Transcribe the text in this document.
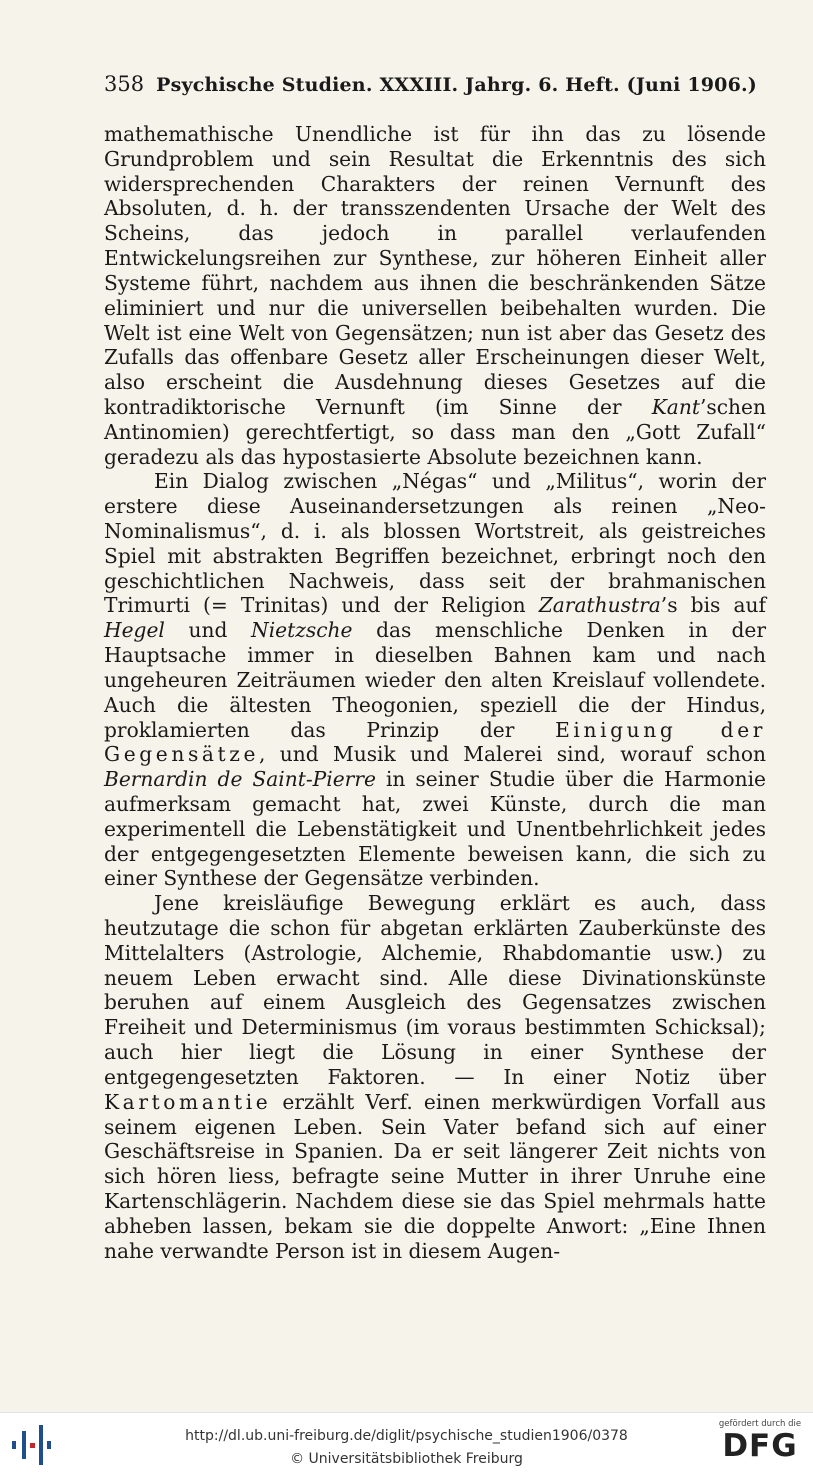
358 Psychische Studien. XXXIII. Jahrg. 6. Heft. (Juni 1906.)

mathemathische Unendliche ist für ihn das zu lösende Grundproblem und sein Resultat die Erkenntnis des sich widersprechenden Charakters der reinen Vernunft des Absoluten, d. h. der transszendenten Ursache der Welt des Scheins, das jedoch in parallel verlaufenden Entwickelungsreihen zur Synthese, zur höheren Einheit aller Systeme führt, nachdem aus ihnen die beschränkenden Sätze eliminiert und nur die universellen beibehalten wurden. Die Welt ist eine Welt von Gegensätzen; nun ist aber das Gesetz des Zufalls das offenbare Gesetz aller Erscheinungen dieser Welt, also erscheint die Ausdehnung dieses Gesetzes auf die kontradiktorische Vernunft (im Sinne der Kant’schen Antinomien) gerechtfertigt, so dass man den „Gott Zufall“ geradezu als das hypostasierte Absolute bezeichnen kann.

Ein Dialog zwischen „Négas“ und „Militus“, worin der erstere diese Auseinandersetzungen als reinen „Neo-Nominalismus“, d. i. als blossen Wortstreit, als geistreiches Spiel mit abstrakten Begriffen bezeichnet, erbringt noch den geschichtlichen Nachweis, dass seit der brahmanischen Trimurti (= Trinitas) und der Religion Zarathustra’s bis auf Hegel und Nietzsche das menschliche Denken in der Hauptsache immer in dieselben Bahnen kam und nach ungeheuren Zeiträumen wieder den alten Kreislauf vollendete. Auch die ältesten Theogonien, speziell die der Hindus, proklamierten das Prinzip der Einigung der Gegensätze, und Musik und Malerei sind, worauf schon Bernardin de Saint-Pierre in seiner Studie über die Harmonie aufmerksam gemacht hat, zwei Künste, durch die man experimentell die Lebenstätigkeit und Unentbehrlichkeit jedes der entgegengesetzten Elemente beweisen kann, die sich zu einer Synthese der Gegensätze verbinden.

Jene kreisläufige Bewegung erklärt es auch, dass heutzutage die schon für abgetan erklärten Zauberkünste des Mittelalters (Astrologie, Alchemie, Rhabdomantie usw.) zu neuem Leben erwacht sind. Alle diese Divinationskünste beruhen auf einem Ausgleich des Gegensatzes zwischen Freiheit und Determinismus (im voraus bestimmten Schicksal); auch hier liegt die Lösung in einer Synthese der entgegengesetzten Faktoren. — In einer Notiz über Kartomantie erzählt Verf. einen merkwürdigen Vorfall aus seinem eigenen Leben. Sein Vater befand sich auf einer Geschäftsreise in Spanien. Da er seit längerer Zeit nichts von sich hören liess, befragte seine Mutter in ihrer Unruhe eine Kartenschlägerin. Nachdem diese sie das Spiel mehrmals hatte abheben lassen, bekam sie die doppelte Anwort: „Eine Ihnen nahe verwandte Person ist in diesem Augen-

http://dl.ub.uni-freiburg.de/diglit/psychische_studien1906/0378
© Universitätsbibliothek Freiburg
gefördert durch die
DFG
